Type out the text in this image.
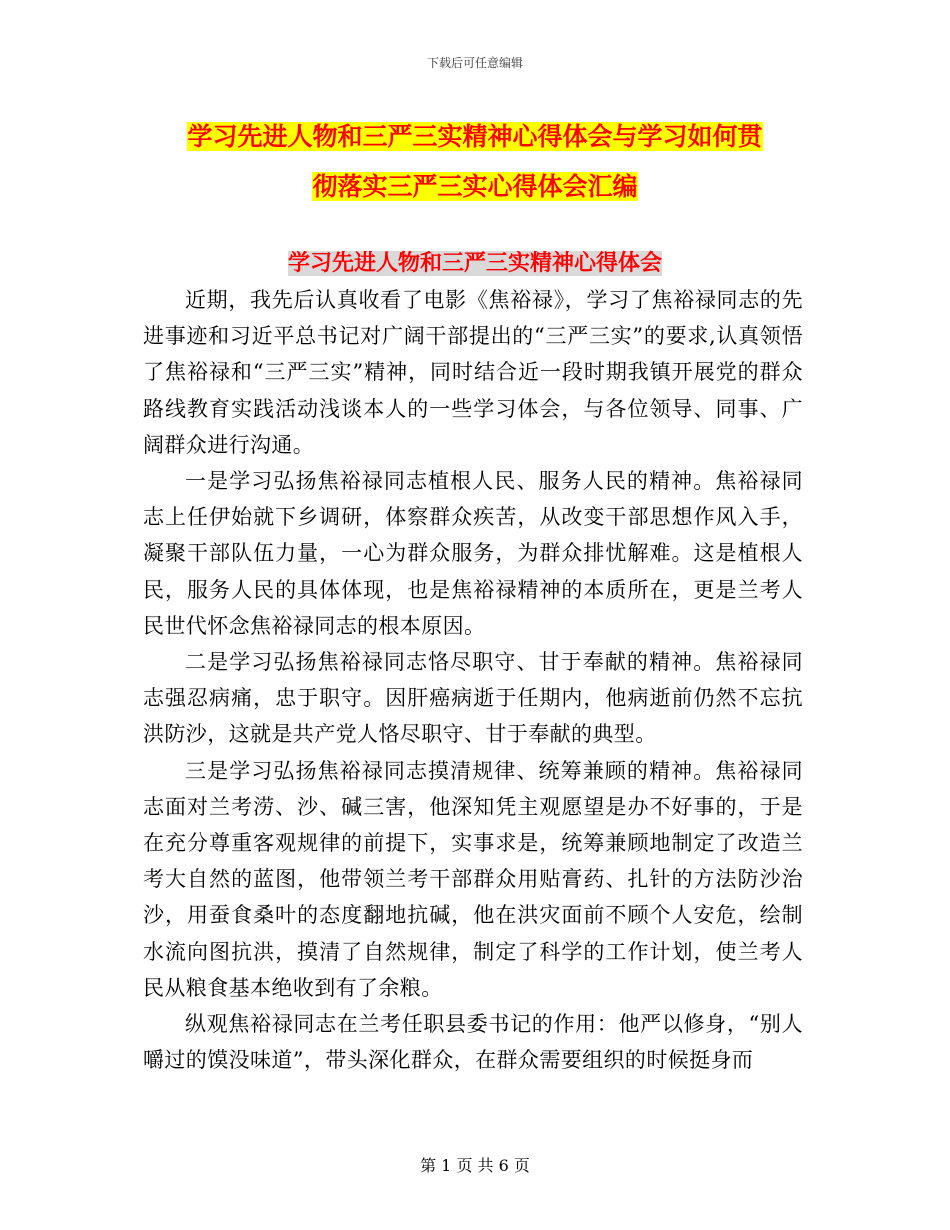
下载后可任意编辑
学习先进人物和三严三实精神心得体会与学习如何贯
彻落实三严三实心得体会汇编
学习先进人物和三严三实精神心得体会

近期，我先后认真收看了电影《焦裕禄》，学习了焦裕禄同志的先进事迹和习近平总书记对广阔干部提出的“三严三实”的要求,认真领悟了焦裕禄和“三严三实”精神，同时结合近一段时期我镇开展党的群众路线教育实践活动浅谈本人的一些学习体会，与各位领导、同事、广阔群众进行沟通。

一是学习弘扬焦裕禄同志植根人民、服务人民的精神。焦裕禄同志上任伊始就下乡调研，体察群众疾苦，从改变干部思想作风入手，凝聚干部队伍力量，一心为群众服务，为群众排忧解难。这是植根人民，服务人民的具体体现，也是焦裕禄精神的本质所在，更是兰考人民世代怀念焦裕禄同志的根本原因。

二是学习弘扬焦裕禄同志恪尽职守、甘于奉献的精神。焦裕禄同志强忍病痛，忠于职守。因肝癌病逝于任期内，他病逝前仍然不忘抗洪防沙，这就是共产党人恪尽职守、甘于奉献的典型。

三是学习弘扬焦裕禄同志摸清规律、统筹兼顾的精神。焦裕禄同志面对兰考涝、沙、碱三害，他深知凭主观愿望是办不好事的，于是在充分尊重客观规律的前提下，实事求是，统筹兼顾地制定了改造兰考大自然的蓝图，他带领兰考干部群众用贴膏药、扎针的方法防沙治沙，用蚕食桑叶的态度翻地抗碱，他在洪灾面前不顾个人安危，绘制水流向图抗洪，摸清了自然规律，制定了科学的工作计划，使兰考人民从粮食基本绝收到有了余粮。

纵观焦裕禄同志在兰考任职县委书记的作用：他严以修身，“别人嚼过的馍没味道”，带头深化群众，在群众需要组织的时候挺身而

第 1 页 共 6 页
